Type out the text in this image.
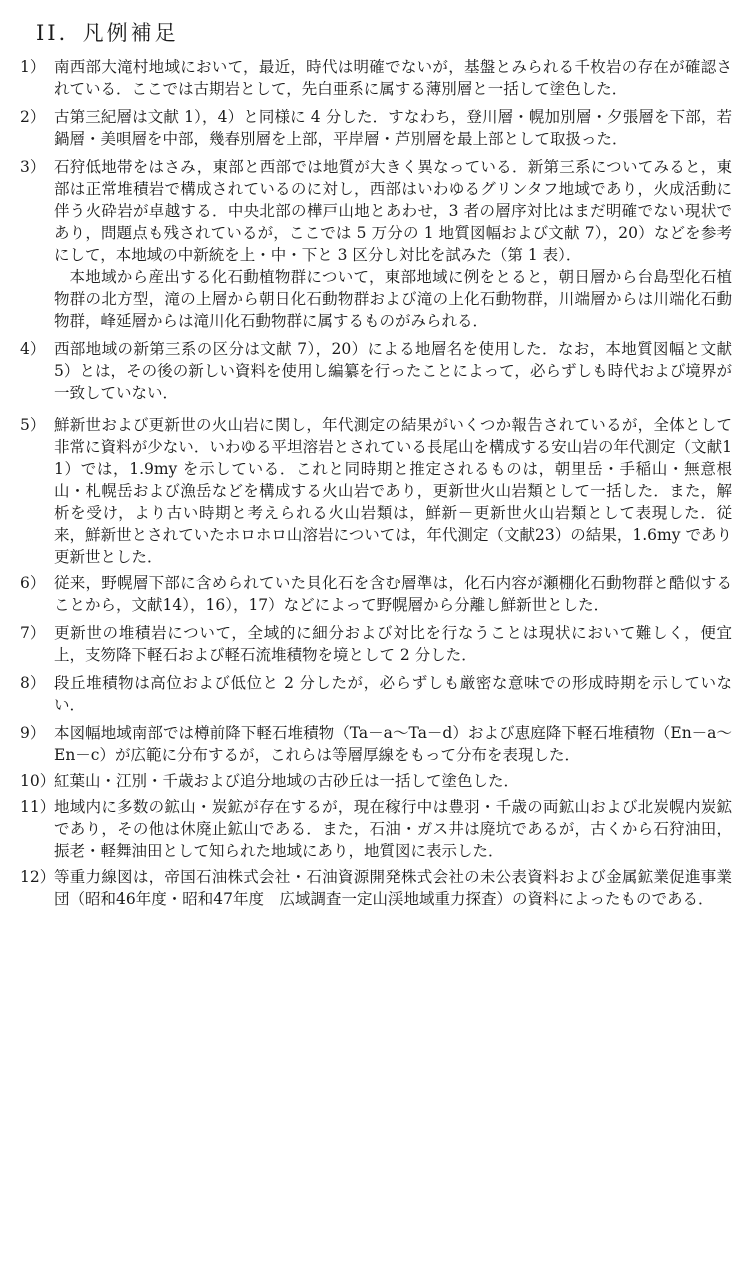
II．凡例補足
1） 南西部大滝村地域において，最近，時代は明確でないが，基盤とみられる千枚岩の存在が確認されている．ここでは古期岩として，先白亜系に属する薄別層と一括して塗色した．

2） 古第三紀層は文献 1），4）と同様に 4 分した．すなわち，登川層・幌加別層・夕張層を下部，若鍋層・美唄層を中部，幾春別層を上部，平岸層・芦別層を最上部として取扱った．

3） 石狩低地帯をはさみ，東部と西部では地質が大きく異なっている．新第三系についてみると，東部は正常堆積岩で構成されているのに対し，西部はいわゆるグリンタフ地域であり，火成活動に伴う火砕岩が卓越する．中央北部の樺戸山地とあわせ，3 者の層序対比はまだ明確でない現状であり，問題点も残されているが，ここでは 5 万分の 1 地質図幅および文献 7），20）などを参考にして，本地域の中新統を上・中・下と 3 区分し対比を試みた（第 1 表）．

本地域から産出する化石動植物群について，東部地域に例をとると，朝日層から台島型化石植物群の北方型，滝の上層から朝日化石動物群および滝の上化石動物群，川端層からは川端化石動物群，峰延層からは滝川化石動物群に属するものがみられる．

4） 西部地域の新第三系の区分は文献 7），20）による地層名を使用した．なお，本地質図幅と文献 5）とは，その後の新しい資料を使用し編纂を行ったことによって，必らずしも時代および境界が一致していない．

5） 鮮新世および更新世の火山岩に関し，年代測定の結果がいくつか報告されているが，全体として非常に資料が少ない．いわゆる平坦溶岩とされている長尾山を構成する安山岩の年代測定（文献11）では，1.9my を示している．これと同時期と推定されるものは，朝里岳・手稲山・無意根山・札幌岳および漁岳などを構成する火山岩であり，更新世火山岩類として一括した．また，解析を受け，より古い時期と考えられる火山岩類は，鮮新－更新世火山岩類として表現した．従来，鮮新世とされていたホロホロ山溶岩については，年代測定（文献23）の結果，1.6my であり更新世とした．

6） 従来，野幌層下部に含められていた貝化石を含む層準は，化石内容が瀬棚化石動物群と酷似することから，文献14），16），17）などによって野幌層から分離し鮮新世とした．

7） 更新世の堆積岩について，全域的に細分および対比を行なうことは現状において難しく，便宜上，支笏降下軽石および軽石流堆積物を境として 2 分した．

8） 段丘堆積物は高位および低位と 2 分したが，必らずしも厳密な意味での形成時期を示していない．

9） 本図幅地域南部では樽前降下軽石堆積物（Ta－a～Ta－d）および恵庭降下軽石堆積物（En－a～En－c）が広範に分布するが，これらは等層厚線をもって分布を表現した．

10）

紅葉山・江別・千歳および追分地域の古砂丘は一括して塗色した．

11）

地域内に多数の鉱山・炭鉱が存在するが，現在稼行中は豊羽・千歳の両鉱山および北炭幌内炭鉱であり，その他は休廃止鉱山である．また，石油・ガス井は廃坑であるが，古くから石狩油田，振老・軽舞油田として知られた地域にあり，地質図に表示した．

12）

等重力線図は，帝国石油株式会社・石油資源開発株式会社の未公表資料および金属鉱業促進事業団（昭和46年度・昭和47年度　広域調査一定山渓地域重力探査）の資料によったものである．
